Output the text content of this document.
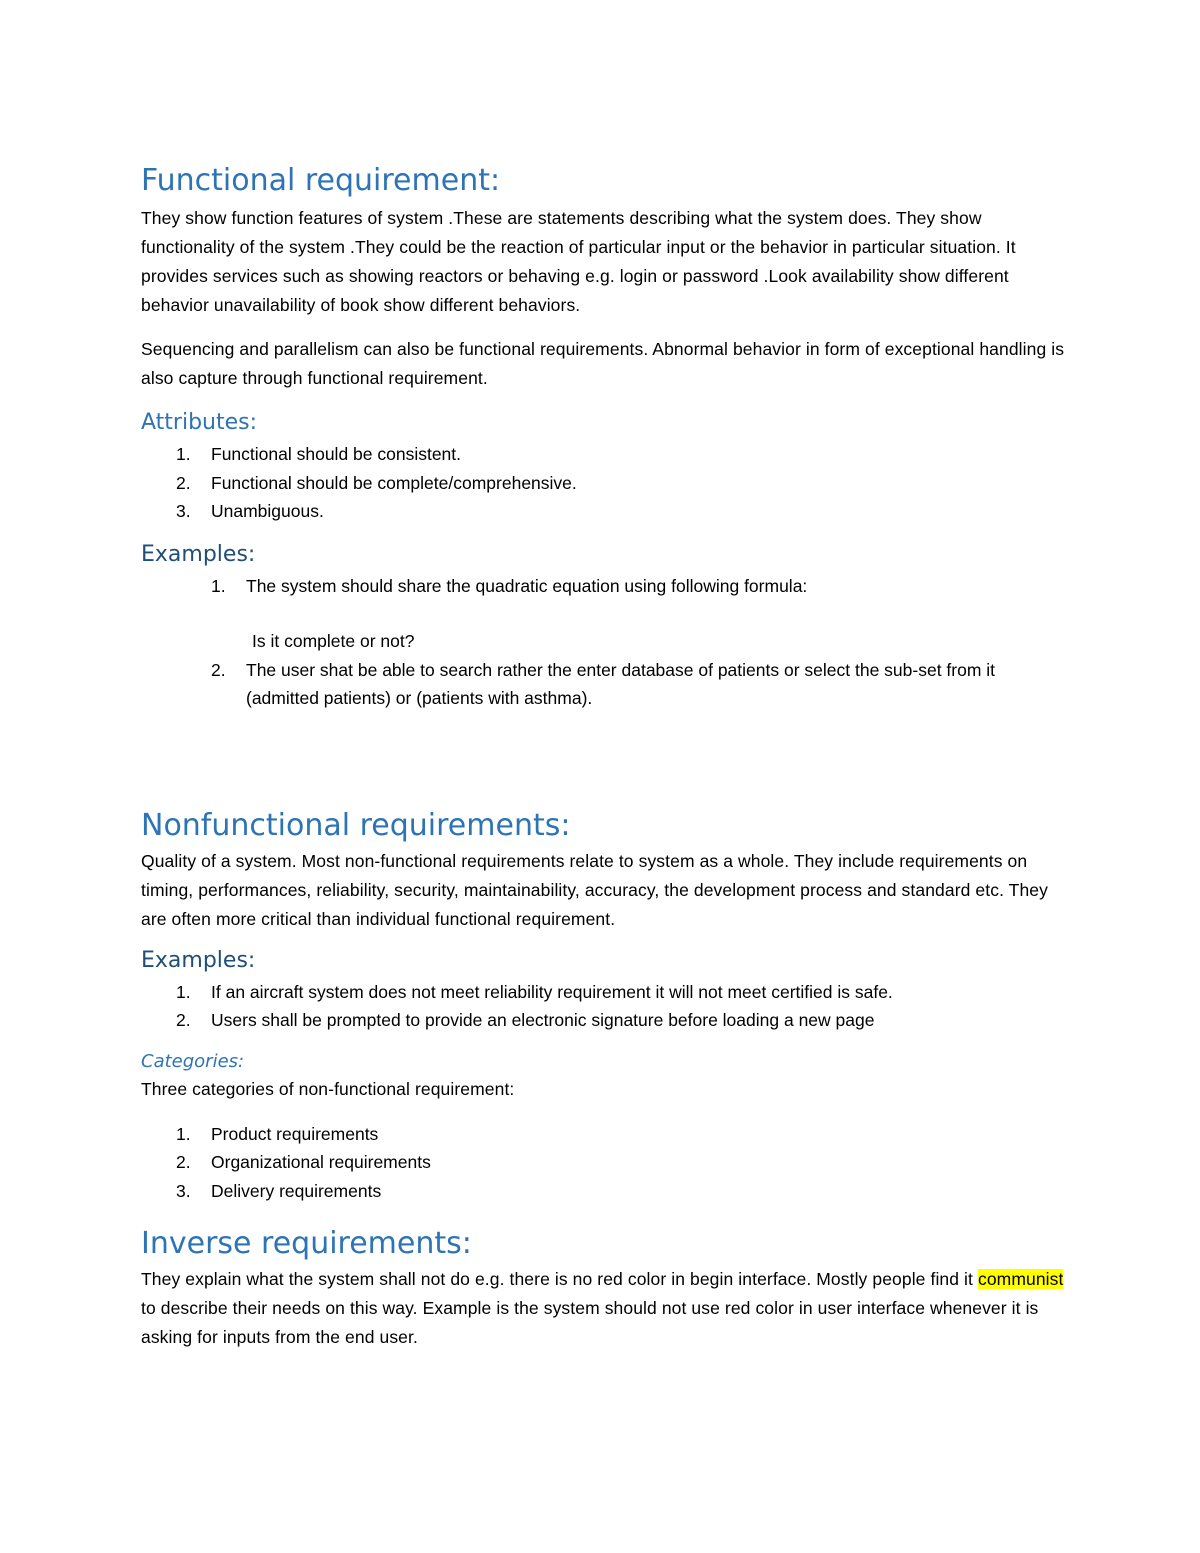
Functional requirement:

They show function features of system .These are statements describing what the system does. They show functionality of the system .They could be the reaction of particular input or the behavior in particular situation. It provides services such as showing reactors or behaving e.g. login or password .Look availability show different behavior unavailability of book show different behaviors.

Sequencing and parallelism can also be functional requirements. Abnormal behavior in form of exceptional handling is also capture through functional requirement.

Attributes:
1. Functional should be consistent.
2. Functional should be complete/comprehensive.
3. Unambiguous.
Examples:
1. The system should share the quadratic equation using following formula:
Is it complete or not?
2. The user shat be able to search rather the enter database of patients or select the sub-set from it (admitted patients) or (patients with asthma).
Nonfunctional requirements:

Quality of a system. Most non-functional requirements relate to system as a whole. They include requirements on timing, performances, reliability, security, maintainability, accuracy, the development process and standard etc. They are often more critical than individual functional requirement.

Examples:
1. If an aircraft system does not meet reliability requirement it will not meet certified is safe.
2. Users shall be prompted to provide an electronic signature before loading a new page
Categories:

Three categories of non-functional requirement:

1. Product requirements
2. Organizational requirements
3. Delivery requirements
Inverse requirements:

They explain what the system shall not do e.g. there is no red color in begin interface. Mostly people find it communist to describe their needs on this way. Example is the system should not use red color in user interface whenever it is asking for inputs from the end user.
